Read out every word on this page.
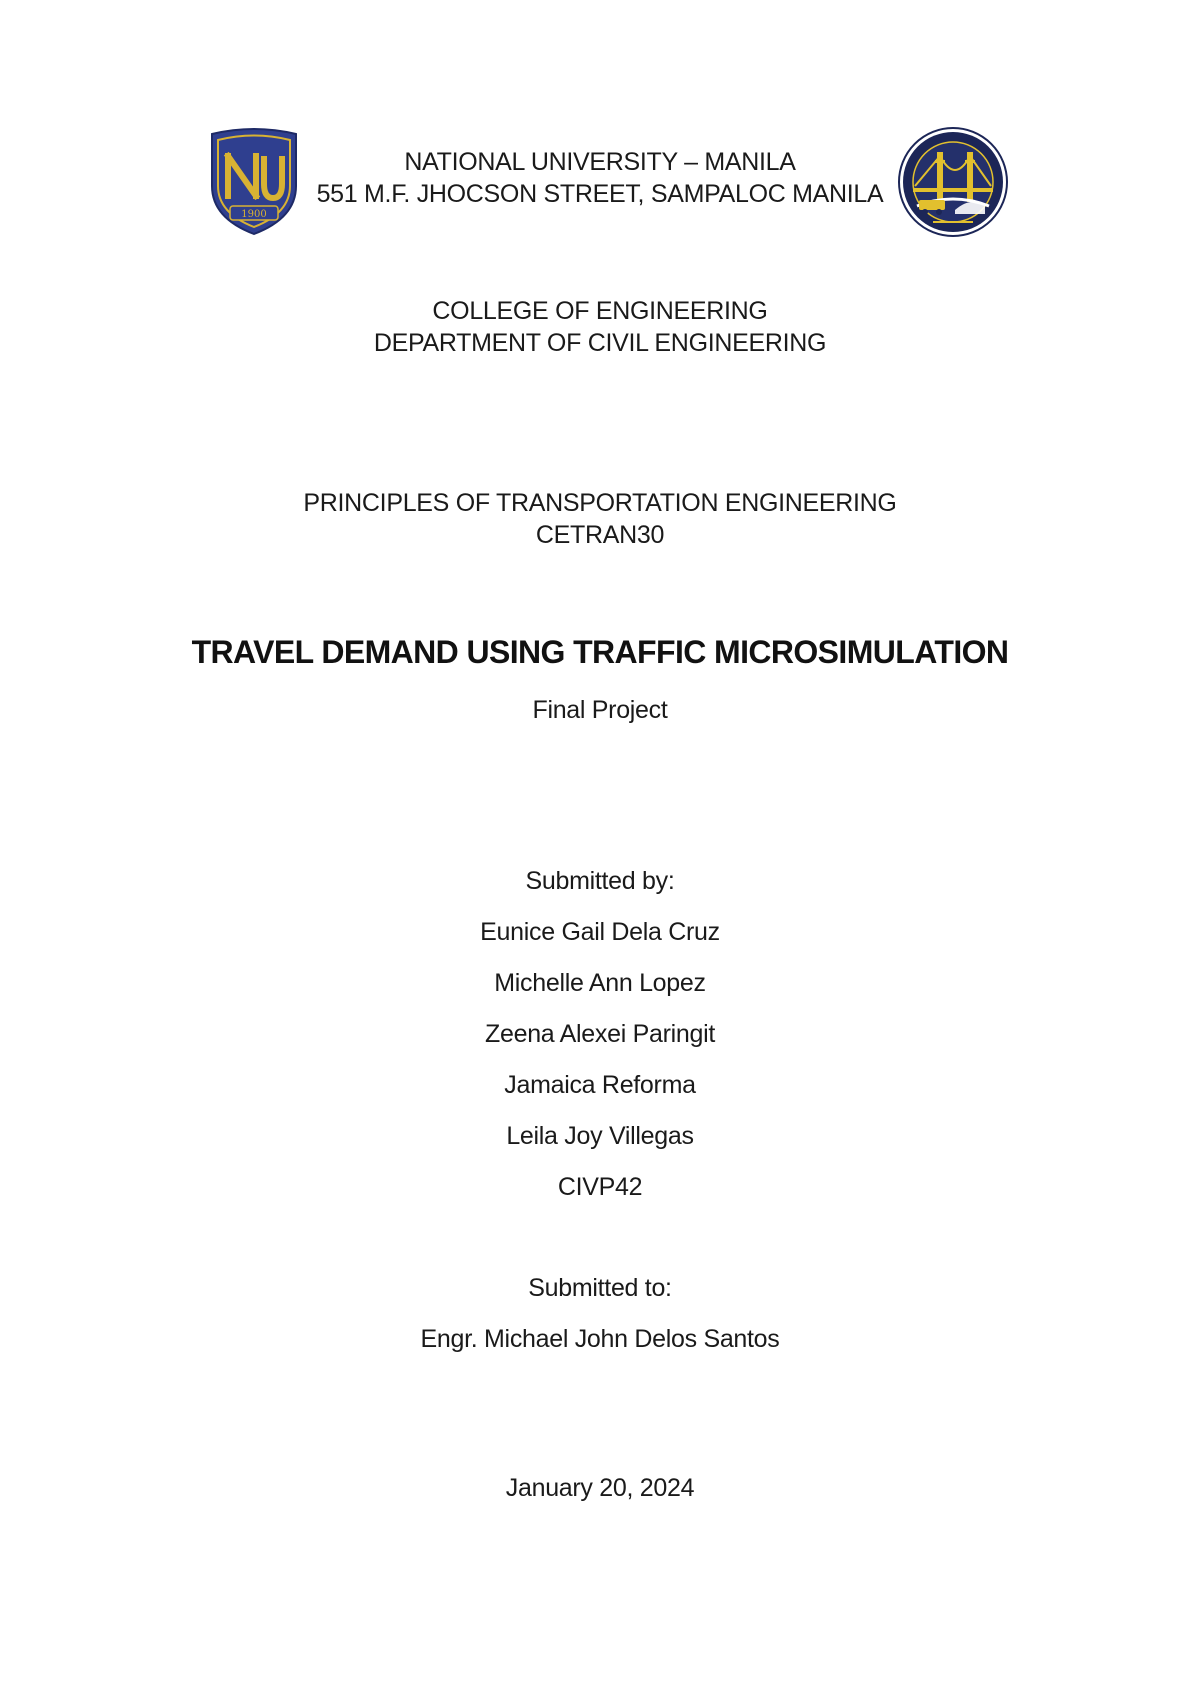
1900
NATIONAL UNIVERSITY – MANILA
551 M.F. JHOCSON STREET, SAMPALOC MANILA
COLLEGE OF ENGINEERING
DEPARTMENT OF CIVIL ENGINEERING
PRINCIPLES OF TRANSPORTATION ENGINEERING
CETRAN30
TRAVEL DEMAND USING TRAFFIC MICROSIMULATION
Final Project
Submitted by:
Eunice Gail Dela Cruz
Michelle Ann Lopez
Zeena Alexei Paringit
Jamaica Reforma
Leila Joy Villegas
CIVP42
Submitted to:
Engr. Michael John Delos Santos
January 20, 2024
